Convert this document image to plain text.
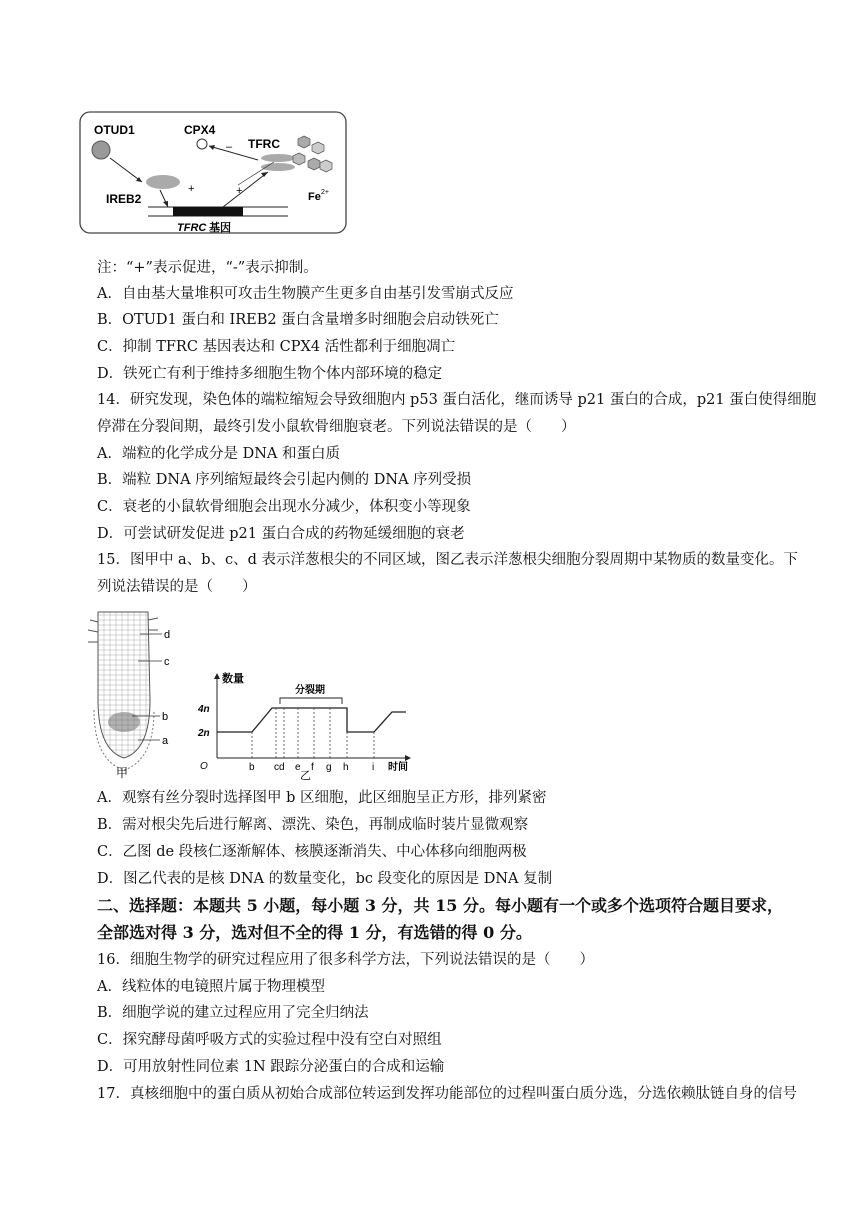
OTUD1
IREB2
+
CPX4
– TFRC
Fe 2+
+
TFRC 基因
注：“+”表示促进，“-”表示抑制。
A．自由基大量堆积可攻击生物膜产生更多自由基引发雪崩式反应
B．OTUD1 蛋白和 IREB2 蛋白含量增多时细胞会启动铁死亡
C．抑制 TFRC 基因表达和 CPX4 活性都利于细胞凋亡
D．铁死亡有利于维持多细胞生物个体内部环境的稳定
14．研究发现，染色体的端粒缩短会导致细胞内 p53 蛋白活化，继而诱导 p21 蛋白的合成，p21 蛋白使得细胞
停滞在分裂间期，最终引发小鼠软骨细胞衰老。下列说法错误的是（　　）
A．端粒的化学成分是 DNA 和蛋白质
B．端粒 DNA 序列缩短最终会引起内侧的 DNA 序列受损
C．衰老的小鼠软骨细胞会出现水分减少，体积变小等现象
D．可尝试研发促进 p21 蛋白合成的药物延缓细胞的衰老
15．图甲中 a、b、c、d 表示洋葱根尖的不同区域，图乙表示洋葱根尖细胞分裂周期中某物质的数量变化。下
列说法错误的是（　　）
d
c
b
a
甲
数量
4n
2n
O
分裂期
b cd e f g h i 时间
乙
A．观察有丝分裂时选择图甲 b 区细胞，此区细胞呈正方形，排列紧密
B．需对根尖先后进行解离、漂洗、染色，再制成临时装片显微观察
C．乙图 de 段核仁逐渐解体、核膜逐渐消失、中心体移向细胞两极
D．图乙代表的是核 DNA 的数量变化，bc 段变化的原因是 DNA 复制
二、选择题：本题共 5 小题，每小题 3 分，共 15 分。每小题有一个或多个选项符合题目要求，
全部选对得 3 分，选对但不全的得 1 分，有选错的得 0 分。
16．细胞生物学的研究过程应用了很多科学方法，下列说法错误的是（　　）
A．线粒体的电镜照片属于物理模型
B．细胞学说的建立过程应用了完全归纳法
C．探究酵母菌呼吸方式的实验过程中没有空白对照组
D．可用放射性同位素 1N 跟踪分泌蛋白的合成和运输
17．真核细胞中的蛋白质从初始合成部位转运到发挥功能部位的过程叫蛋白质分选，分选依赖肽链自身的信号
